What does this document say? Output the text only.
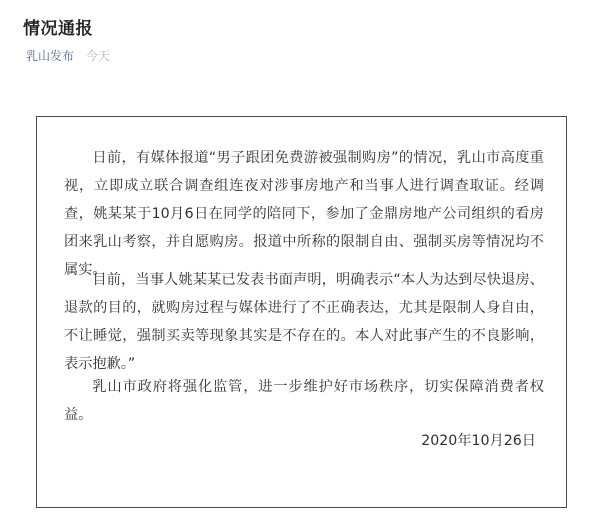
情况通报
乳山发布 今天

日前，有媒体报道“男子跟团免费游被强制购房”的情况，乳山市高度重视，立即成立联合调查组连夜对涉事房地产和当事人进行调查取证。经调查，姚某某于10月6日在同学的陪同下，参加了金鼎房地产公司组织的看房团来乳山考察，并自愿购房。报道中所称的限制自由、强制买房等情况均不属实。

目前，当事人姚某某已发表书面声明，明确表示“本人为达到尽快退房、退款的目的，就购房过程与媒体进行了不正确表达，尤其是限制人身自由，不让睡觉，强制买卖等现象其实是不存在的。本人对此事产生的不良影响，表示抱歉。”

乳山市政府将强化监管，进一步维护好市场秩序，切实保障消费者权益。

2020年10月26日
